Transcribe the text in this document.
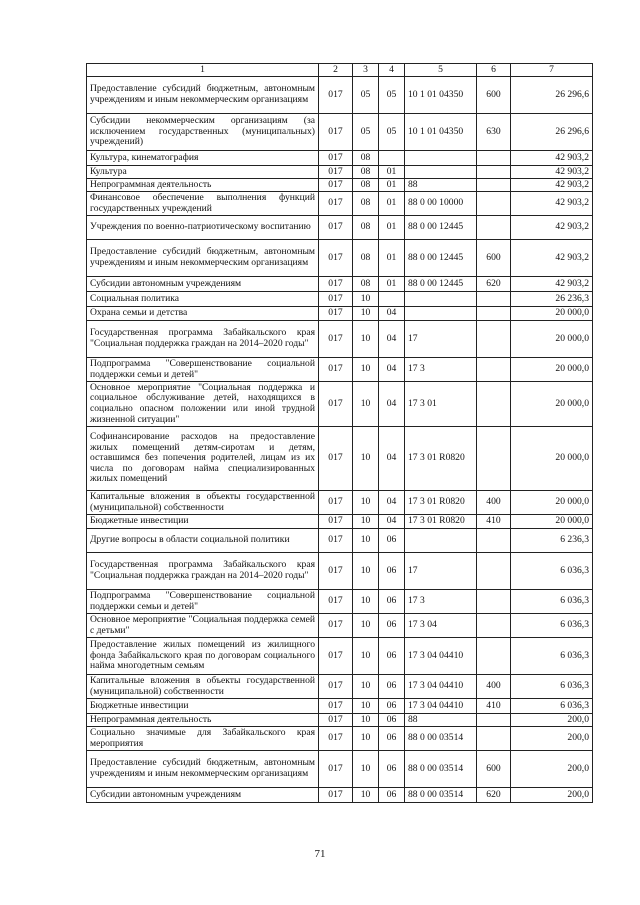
1	2	3	4	5	6	7
Предоставление субсидий бюджетным, автономным учреждениям и иным некоммерческим организациям	017	05	05	10 1 01 04350	600	26 296,6
Субсидии некоммерческим организациям (за исключением государственных (муниципальных) учреждений)	017	05	05	10 1 01 04350	630	26 296,6
Культура, кинематография	017	08				42 903,2
Культура	017	08	01			42 903,2
Непрограммная деятельность	017	08	01	88		42 903,2
Финансовое обеспечение выполнения функций государственных учреждений	017	08	01	88 0 00 10000		42 903,2
Учреждения по военно-патриотическому воспитанию	017	08	01	88 0 00 12445		42 903,2
Предоставление субсидий бюджетным, автономным учреждениям и иным некоммерческим организациям	017	08	01	88 0 00 12445	600	42 903,2
Субсидии автономным учреждениям	017	08	01	88 0 00 12445	620	42 903,2
Социальная политика	017	10				26 236,3
Охрана семьи и детства	017	10	04			20 000,0
Государственная программа Забайкальского края "Социальная поддержка граждан на 2014–2020 годы"	017	10	04	17		20 000,0
Подпрограмма "Совершенствование социальной поддержки семьи и детей"	017	10	04	17 3		20 000,0
Основное мероприятие "Социальная поддержка и социальное обслуживание детей, находящихся в социально опасном положении или иной трудной жизненной ситуации"	017	10	04	17 3 01		20 000,0
Софинансирование расходов на предоставление жилых помещений детям-сиротам и детям, оставшимся без попечения родителей, лицам из их числа по договорам найма специализированных жилых помещений	017	10	04	17 3 01 R0820		20 000,0
Капитальные вложения в объекты государственной (муниципальной) собственности	017	10	04	17 3 01 R0820	400	20 000,0
Бюджетные инвестиции	017	10	04	17 3 01 R0820	410	20 000,0
Другие вопросы в области социальной политики	017	10	06			6 236,3
Государственная программа Забайкальского края "Социальная поддержка граждан на 2014–2020 годы"	017	10	06	17		6 036,3
Подпрограмма "Совершенствование социальной поддержки семьи и детей"	017	10	06	17 3		6 036,3
Основное мероприятие "Социальная поддержка семей с детьми"	017	10	06	17 3 04		6 036,3
Предоставление жилых помещений из жилищного фонда Забайкальского края по договорам социального найма многодетным семьям	017	10	06	17 3 04 04410		6 036,3
Капитальные вложения в объекты государственной (муниципальной) собственности	017	10	06	17 3 04 04410	400	6 036,3
Бюджетные инвестиции	017	10	06	17 3 04 04410	410	6 036,3
Непрограммная деятельность	017	10	06	88		200,0
Социально значимые для Забайкальского края мероприятия	017	10	06	88 0 00 03514		200,0
Предоставление субсидий бюджетным, автономным учреждениям и иным некоммерческим организациям	017	10	06	88 0 00 03514	600	200,0
Субсидии автономным учреждениям	017	10	06	88 0 00 03514	620	200,0
71
